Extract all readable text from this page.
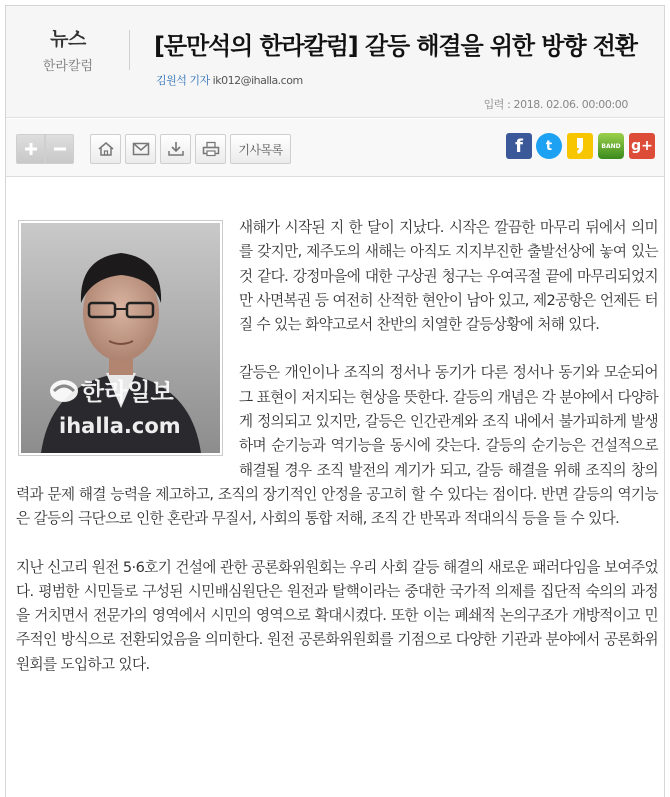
뉴스
한라칼럼
[문만석의 한라칼럼] 갈등 해결을 위한 방향 전환
김원석 기자 ik012@ihalla.com
입력 : 2018. 02.06. 00:00:00
기사목록	f t	BAND g+
한라일보
ihalla.com

새해가 시작된 지 한 달이 지났다. 시작은 깔끔한 마무리 뒤에서 의미를 갖지만, 제주도의 새해는 아직도 지지부진한 출발선상에 놓여 있는 것 같다. 강정마을에 대한 구상권 청구는 우여곡절 끝에 마무리되었지만 사면복권 등 여전히 산적한 현안이 남아 있고, 제2공항은 언제든 터질 수 있는 화약고로서 찬반의 치열한 갈등상황에 처해 있다.

갈등은 개인이나 조직의 정서나 동기가 다른 정서나 동기와 모순되어 그 표현이 저지되는 현상을 뜻한다. 갈등의 개념은 각 분야에서 다양하게 정의되고 있지만, 갈등은 인간관계와 조직 내에서 불가피하게 발생하며 순기능과 역기능을 동시에 갖는다. 갈등의 순기능은 건설적으로 해결될 경우 조직 발전의 계기가 되고, 갈등 해결을 위해 조직의 창의력과 문제 해결 능력을 제고하고, 조직의 장기적인 안정을 공고히 할 수 있다는 점이다. 반면 갈등의 역기능은 갈등의 극단으로 인한 혼란과 무질서, 사회의 통합 저해, 조직 간 반목과 적대의식 등을 들 수 있다.

지난 신고리 원전 5·6호기 건설에 관한 공론화위원회는 우리 사회 갈등 해결의 새로운 패러다임을 보여주었다. 평범한 시민들로 구성된 시민배심원단은 원전과 탈핵이라는 중대한 국가적 의제를 집단적 숙의의 과정을 거치면서 전문가의 영역에서 시민의 영역으로 확대시켰다. 또한 이는 폐쇄적 논의구조가 개방적이고 민주적인 방식으로 전환되었음을 의미한다. 원전 공론화위원회를 기점으로 다양한 기관과 분야에서 공론화위원회를 도입하고 있다.
